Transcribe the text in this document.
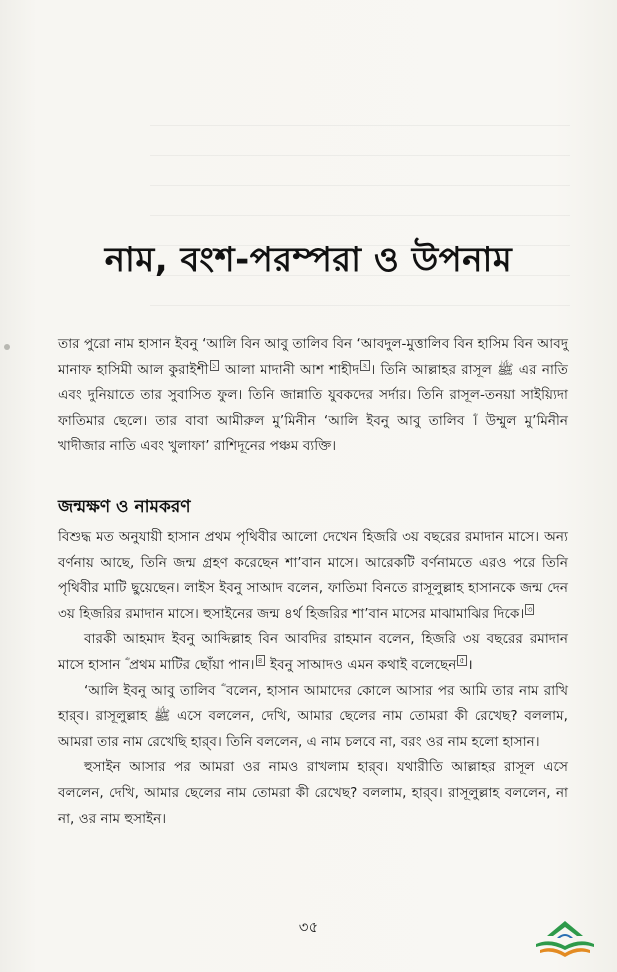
নাম, বংশ-পরম্পরা ও উপনাম

তার পুরো নাম হাসান ইবনু ‘আলি বিন আবু তালিব বিন ‘আবদুল-মুত্তালিব বিন হাসিম বিন আবদু মানাফ হাসিমী আল কুরাইশী $^১$ আলা মাদানী আশ শাহীদ $^২$ । তিনি আল্লাহর রাসূল ﷺ এর নাতি এবং দুনিয়াতে তার সুবাসিত ফুল। তিনি জান্নাতি যুবকদের সর্দার। তিনি রাসূল-তনয়া সাইয়্যিদা ফাতিমার ছেলে। তার বাবা আমীরুল মু’মিনীন ‘আলি ইবনু আবু তালিব ؓ। উম্মুল মু’মিনীন খাদীজার নাতি এবং খুলাফা’ রাশিদূনের পঞ্চম ব্যক্তি।

জন্মক্ষণ ও নামকরণ

বিশুদ্ধ মত অনুযায়ী হাসান প্রথম পৃথিবীর আলো দেখেন হিজরি ৩য় বছরের রমাদান মাসে। অন্য বর্ণনায় আছে, তিনি জন্ম গ্রহণ করেছেন শা’বান মাসে। আরেকটি বর্ণনামতে এরও পরে তিনি পৃথিবীর মাটি ছুয়েছেন। লাইস ইবনু সাআদ বলেন, ফাতিমা বিনতে রাসূলুল্লাহ হাসানকে জন্ম দেন ৩য় হিজরির রমাদান মাসে। হুসাইনের জন্ম ৪র্থ হিজরির শা’বান মাসের মাঝামাঝির দিকে। $^৩$

বারকী আহমাদ ইবনু আব্দিল্লাহ বিন আবদির রাহমান বলেন, হিজরি ৩য় বছরের রমাদান মাসে হাসান ؓ প্রথম মাটির ছোঁয়া পান। $^৪$ ইবনু সাআদও এমন কথাই বলেছেন $^৫$ ।

‘আলি ইবনু আবু তালিব ؓ বলেন, হাসান আমাদের কোলে আসার পর আমি তার নাম রাখি হার্‌ব। রাসূলুল্লাহ ﷺ এসে বললেন, দেখি, আমার ছেলের নাম তোমরা কী রেখেছ? বললাম, আমরা তার নাম রেখেছি হার্‌ব। তিনি বললেন, এ নাম চলবে না, বরং ওর নাম হলো হাসান।

হুসাইন আসার পর আমরা ওর নামও রাখলাম হার্‌ব। যথারীতি আল্লাহর রাসূল এসে বললেন, দেখি, আমার ছেলের নাম তোমরা কী রেখেছ? বললাম, হার্‌ব। রাসূলুল্লাহ বললেন, না না, ওর নাম হুসাইন।

৩৫
